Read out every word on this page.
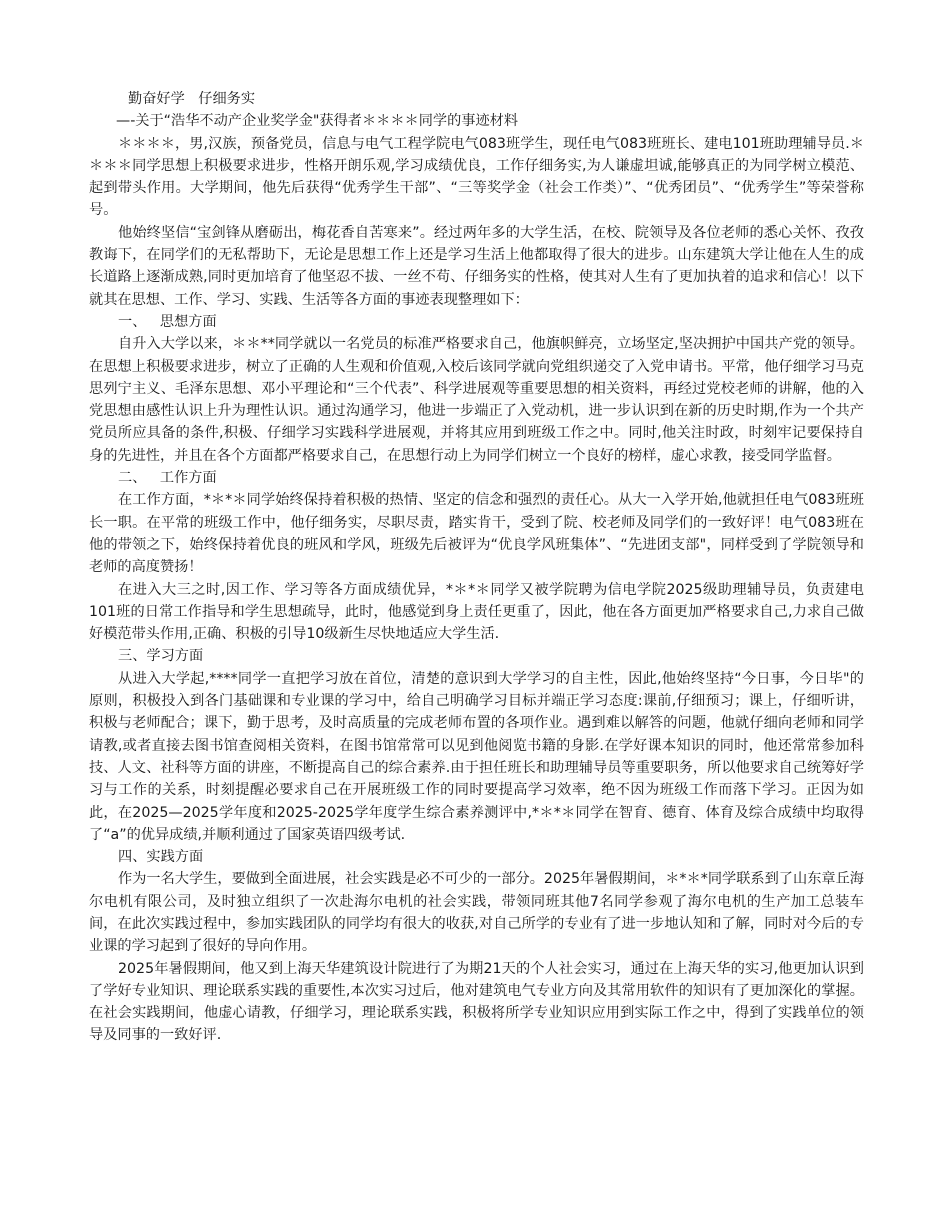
勤奋好学   仔细务实
—-关于“浩华不动产企业奖学金"获得者＊＊＊＊同学的事迹材料

＊＊＊＊，男,汉族，预备党员，信息与电气工程学院电气083班学生，现任电气083班班长、建电101班助理辅导员.＊＊＊＊同学思想上积极要求进步，性格开朗乐观,学习成绩优良，工作仔细务实,为人谦虚坦诚,能够真正的为同学树立模范、起到带头作用。大学期间，他先后获得“优秀学生干部”、“三等奖学金（社会工作类）”、“优秀团员”、“优秀学生”等荣誉称号。

他始终坚信“宝剑锋从磨砺出，梅花香自苦寒来”。经过两年多的大学生活，在校、院领导及各位老师的悉心关怀、孜孜教诲下，在同学们的无私帮助下，无论是思想工作上还是学习生活上他都取得了很大的进步。山东建筑大学让他在人生的成长道路上逐渐成熟,同时更加培育了他坚忍不拔、一丝不苟、仔细务实的性格，使其对人生有了更加执着的追求和信心！以下就其在思想、工作、学习、实践、生活等各方面的事迹表现整理如下：

一、   思想方面

自升入大学以来，＊＊**同学就以一名党员的标准严格要求自己，他旗帜鲜亮，立场坚定,坚决拥护中国共产党的领导。在思想上积极要求进步，树立了正确的人生观和价值观,入校后该同学就向党组织递交了入党申请书。平常，他仔细学习马克思列宁主义、毛泽东思想、邓小平理论和“三个代表”、科学进展观等重要思想的相关资料，再经过党校老师的讲解，他的入党思想由感性认识上升为理性认识。通过沟通学习，他进一步端正了入党动机，进一步认识到在新的历史时期,作为一个共产党员所应具备的条件,积极、仔细学习实践科学进展观，并将其应用到班级工作之中。同时,他关注时政，时刻牢记要保持自身的先进性，并且在各个方面都严格要求自己，在思想行动上为同学们树立一个良好的榜样，虚心求教，接受同学监督。

二、   工作方面

在工作方面，*＊*＊同学始终保持着积极的热情、坚定的信念和强烈的责任心。从大一入学开始,他就担任电气083班班长一职。在平常的班级工作中，他仔细务实，尽职尽责，踏实肯干，受到了院、校老师及同学们的一致好评！电气083班在他的带领之下，始终保持着优良的班风和学风，班级先后被评为“优良学风班集体”、“先进团支部"，同样受到了学院领导和老师的高度赞扬！

在进入大三之时,因工作、学习等各方面成绩优异，*＊*＊同学又被学院聘为信电学院2025级助理辅导员，负责建电101班的日常工作指导和学生思想疏导，此时，他感觉到身上责任更重了，因此，他在各方面更加严格要求自己,力求自己做好模范带头作用,正确、积极的引导10级新生尽快地适应大学生活.

三、学习方面

从进入大学起,****同学一直把学习放在首位，清楚的意识到大学学习的自主性，因此,他始终坚持“今日事，今日毕"的原则，积极投入到各门基础课和专业课的学习中，给自己明确学习目标并端正学习态度:课前,仔细预习；课上，仔细听讲，积极与老师配合；课下，勤于思考，及时高质量的完成老师布置的各项作业。遇到难以解答的问题，他就仔细向老师和同学请教,或者直接去图书馆查阅相关资料，在图书馆常常可以见到他阅览书籍的身影.在学好课本知识的同时，他还常常参加科技、人文、社科等方面的讲座，不断提高自己的综合素养.由于担任班长和助理辅导员等重要职务，所以他要求自己统筹好学习与工作的关系，时刻提醒必要求自己在开展班级工作的同时要提高学习效率，绝不因为班级工作而落下学习。正因为如此，在2025—2025学年度和2025-2025学年度学生综合素养测评中,*＊*＊同学在智育、德育、体育及综合成绩中均取得了“a”的优异成绩,并顺利通过了国家英语四级考试.

四、实践方面

作为一名大学生，要做到全面进展，社会实践是必不可少的一部分。2025年暑假期间，＊*＊*同学联系到了山东章丘海尔电机有限公司，及时独立组织了一次赴海尔电机的社会实践，带领同班其他7名同学参观了海尔电机的生产加工总装车间，在此次实践过程中，参加实践团队的同学均有很大的收获,对自己所学的专业有了进一步地认知和了解，同时对今后的专业课的学习起到了很好的导向作用。

2025年暑假期间，他又到上海天华建筑设计院进行了为期21天的个人社会实习，通过在上海天华的实习,他更加认识到了学好专业知识、理论联系实践的重要性,本次实习过后，他对建筑电气专业方向及其常用软件的知识有了更加深化的掌握。在社会实践期间，他虚心请教，仔细学习，理论联系实践，积极将所学专业知识应用到实际工作之中，得到了实践单位的领导及同事的一致好评.
